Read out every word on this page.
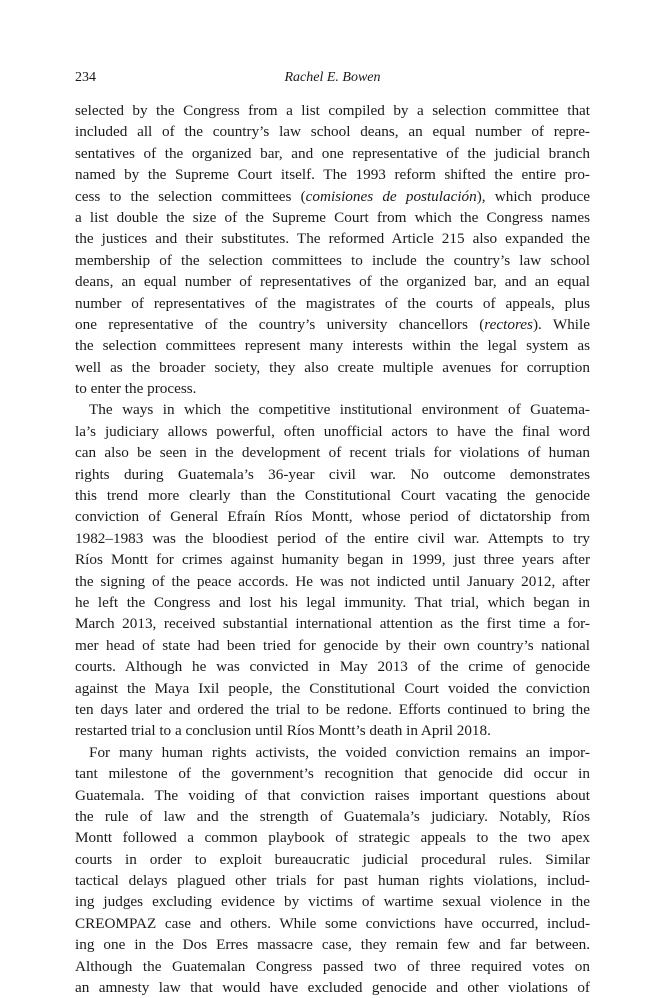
234	Rachel E. Bowen
selected by the Congress from a list compiled by a selection committee that
included all of the country’s law school deans, an equal number of repre-
sentatives of the organized bar, and one representative of the judicial branch
named by the Supreme Court itself. The 1993 reform shifted the entire pro-
cess to the selection committees (comisiones de postulación), which produce
a list double the size of the Supreme Court from which the Congress names
the justices and their substitutes. The reformed Article 215 also expanded the
membership of the selection committees to include the country’s law school
deans, an equal number of representatives of the organized bar, and an equal
number of representatives of the magistrates of the courts of appeals, plus
one representative of the country’s university chancellors (rectores). While
the selection committees represent many interests within the legal system as
well as the broader society, they also create multiple avenues for corruption
to enter the process.
The ways in which the competitive institutional environment of Guatema-
la’s judiciary allows powerful, often unofficial actors to have the final word
can also be seen in the development of recent trials for violations of human
rights during Guatemala’s 36-year civil war. No outcome demonstrates
this trend more clearly than the Constitutional Court vacating the genocide
conviction of General Efraín Ríos Montt, whose period of dictatorship from
1982–1983 was the bloodiest period of the entire civil war. Attempts to try
Ríos Montt for crimes against humanity began in 1999, just three years after
the signing of the peace accords. He was not indicted until January 2012, after
he left the Congress and lost his legal immunity. That trial, which began in
March 2013, received substantial international attention as the first time a for-
mer head of state had been tried for genocide by their own country’s national
courts. Although he was convicted in May 2013 of the crime of genocide
against the Maya Ixil people, the Constitutional Court voided the conviction
ten days later and ordered the trial to be redone. Efforts continued to bring the
restarted trial to a conclusion until Ríos Montt’s death in April 2018.
For many human rights activists, the voided conviction remains an impor-
tant milestone of the government’s recognition that genocide did occur in
Guatemala. The voiding of that conviction raises important questions about
the rule of law and the strength of Guatemala’s judiciary. Notably, Ríos
Montt followed a common playbook of strategic appeals to the two apex
courts in order to exploit bureaucratic judicial procedural rules. Similar
tactical delays plagued other trials for past human rights violations, includ-
ing judges excluding evidence by victims of wartime sexual violence in the
CREOMPAZ case and others. While some convictions have occurred, includ-
ing one in the Dos Erres massacre case, they remain few and far between.
Although the Guatemalan Congress passed two of three required votes on
an amnesty law that would have excluded genocide and other violations of
